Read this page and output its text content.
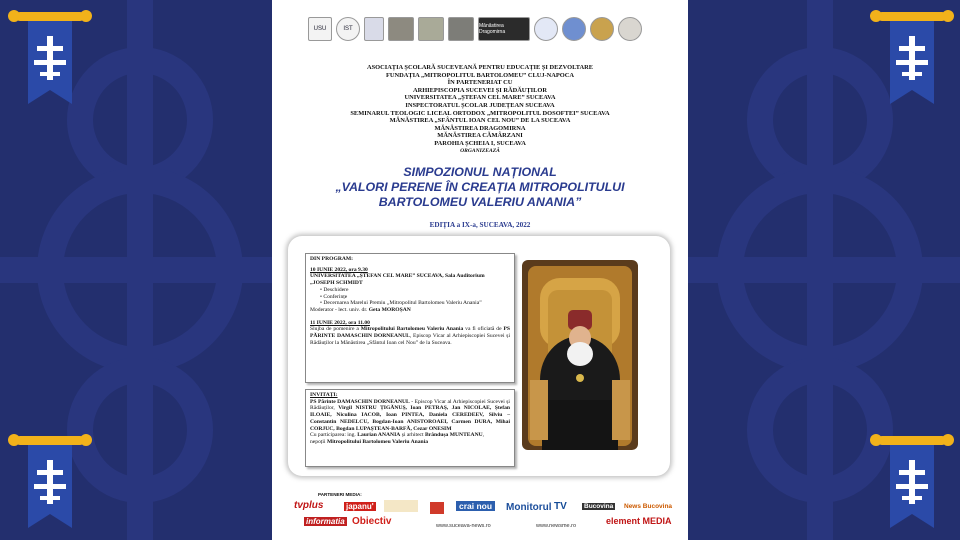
USU	IST	Mănăstirea Dragomirna
ASOCIAȚIA ȘCOLARĂ SUCEVEANĂ PENTRU EDUCAȚIE ȘI DEZVOLTARE
FUNDAȚIA „MITROPOLITUL BARTOLOMEU” CLUJ-NAPOCA
ÎN PARTENERIAT CU
ARHIEPISCOPIA SUCEVEI ȘI RĂDĂUȚILOR
UNIVERSITATEA „ȘTEFAN CEL MARE” SUCEAVA
INSPECTORATUL ȘCOLAR JUDEȚEAN SUCEAVA
SEMINARUL TEOLOGIC LICEAL ORTODOX „MITROPOLITUL DOSOFTEI” SUCEAVA
MĂNĂSTIREA „SFÂNTUL IOAN CEL NOU” DE LA SUCEAVA
MĂNĂSTIREA DRAGOMIRNA
MĂNĂSTIREA CĂMÂRZANI
PAROHIA ȘCHEIA I, SUCEAVA
ORGANIZEAZĂ
SIMPOZIONUL NAȚIONAL
„VALORI PERENE ÎN CREAȚIA MITROPOLITULUI
BARTOLOMEU VALERIU ANANIA”
EDIȚIA a IX-a, SUCEAVA, 2022
DIN PROGRAM:
10 IUNIE 2022, ora 9.30
UNIVERSITATEA „ȘTEFAN CEL MARE” SUCEAVA, Sala Auditorium „JOSEPH SCHMIDT
• Deschidere
• Conferințe
• Decernarea Marelui Premiu „Mitropolitul Bartolomeu Valeriu Anania”
Moderator - lect. univ. dr. Geta MOROȘAN
11 IUNIE 2022, ora 11.00
Slujba de pomenire a Mitropolitului Bartolomeu Valeriu Anania va fi oficiată de PS PĂRINTE DAMASCHIN DORNEANUL, Episcop Vicar al Arhiepiscopiei Sucevei și Rădăuților la Mănăstirea „Sfântul Ioan cel Nou” de la Suceava.
INVITAȚI:
PS Părinte DAMASCHIN DORNEANUL - Episcop Vicar al Arhiepiscopiei Sucevei și Rădăuților, Virgil NISTRU ȚIGĂNUȘ, Ioan PETRAȘ, Jan NICOLAE, Ștefan ILOAIE, Niculina IACOB, Ioan PINTEA, Daniela CEREDEEV, Silviu – Constantin NEDELCU, Bogdan-Ioan ANISTOROAEI, Carmen DURA, Mihai CORJUC, Bogdan LUPAȘTEAN-BARFĂ, Cezar ONESIM
Cu participarea: ing. Laurian ANANIA și arhitect Brândușa MUNTEANU,
nepoții Mitropolitului Bartolomeu Valeriu Anania
PARTENERI MEDIA:
tvplus	japanu'	crai nou	Monitorul TV	Bucovina	News Bucovina
informatia Obiectiv	www.suceava-news.ro	www.newsme.ro	element MEDIA
